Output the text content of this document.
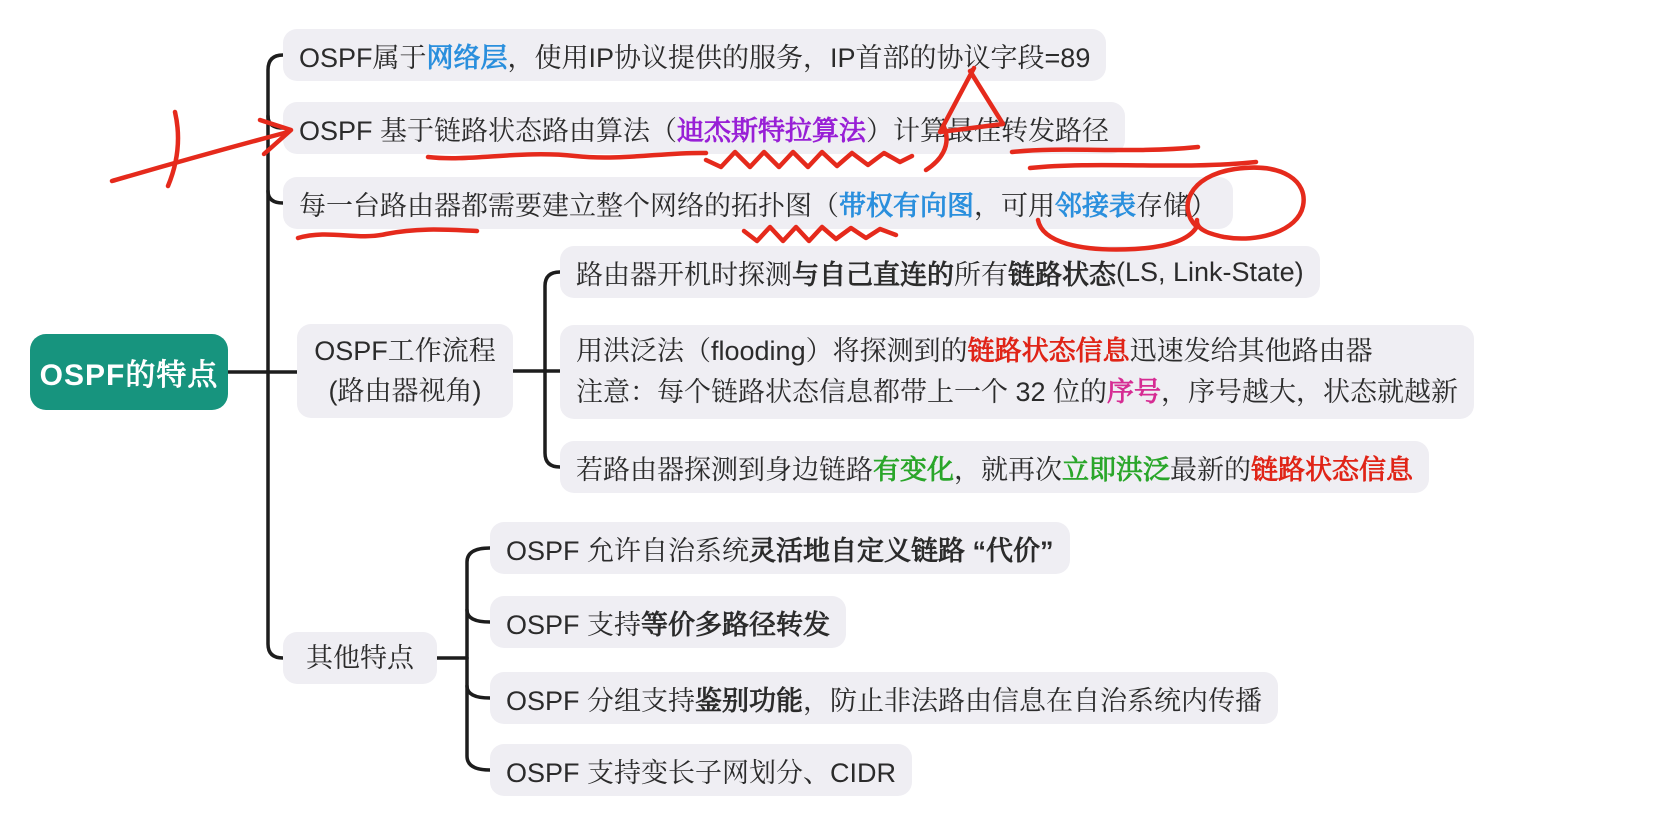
OSPF的特点
OSPF属于 网络层 ，使用IP协议提供的服务，IP首部的协议字段=89
OSPF 基于链路状态路由算法（ 迪杰斯特拉算法 ）计算最佳转发路径
每一台路由器都需要建立整个网络的拓扑图（ 带权有向图 ，可用 邻接表 存储）
OSPF工作流程
(路由器视角)
路由器开机时探测 与自己直连的 所有 链路状态 (LS, Link-State)
用洪泛法（flooding）将探测到的链路状态信息迅速发给其他路由器
注意：每个链路状态信息都带上一个 32 位的序号，序号越大，状态就越新
若路由器探测到身边链路 有变化 ，就再次 立即洪泛 最新的 链路状态信息
其他特点
OSPF 允许自治系统 灵活地自定义链路 “代价”
OSPF 支持 等价多路径转发
OSPF 分组支持 鉴别功能 ，防止非法路由信息在自治系统内传播
OSPF 支持变长子网划分、CIDR
